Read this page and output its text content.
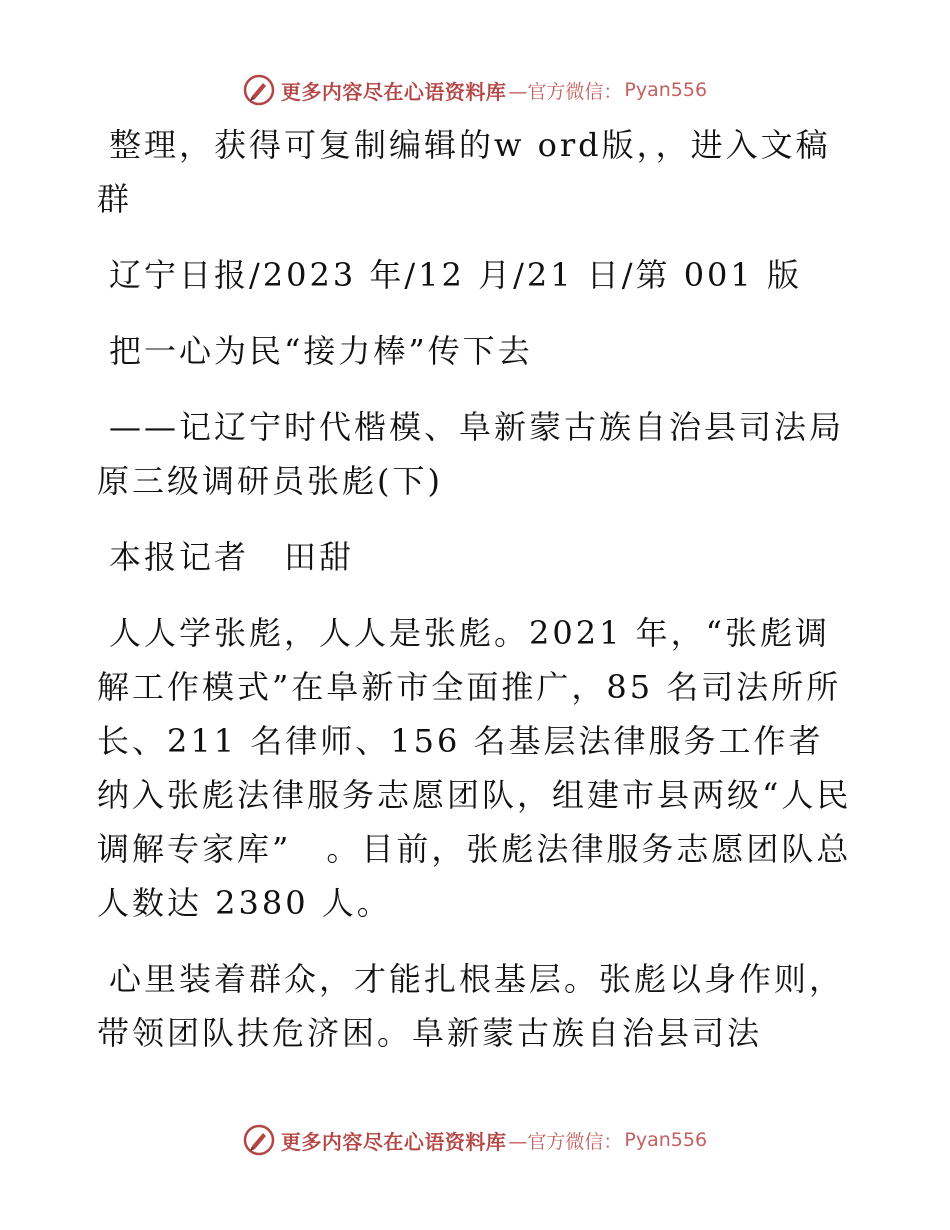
更多内容尽在心语资料库 —官方微信： Pyan556

整理，获得可复制编辑的w ord版，，进入文稿群

辽宁日报/2023 年/12 月/21 日/第 001 版

把一心为民“接力棒”传下去

——记辽宁时代楷模、阜新蒙古族自治县司法局原三级调研员张彪(下)

本报记者　田甜

人人学张彪，人人是张彪。2021 年，“张彪调解工作模式”在阜新市全面推广，85 名司法所所长、211 名律师、156 名基层法律服务工作者纳入张彪法律服务志愿团队，组建市县两级“人民调解专家库”　。目前，张彪法律服务志愿团队总人数达 2380 人。

心里装着群众，才能扎根基层。张彪以身作则，带领团队扶危济困。阜新蒙古族自治县司法

更多内容尽在心语资料库 —官方微信： Pyan556
